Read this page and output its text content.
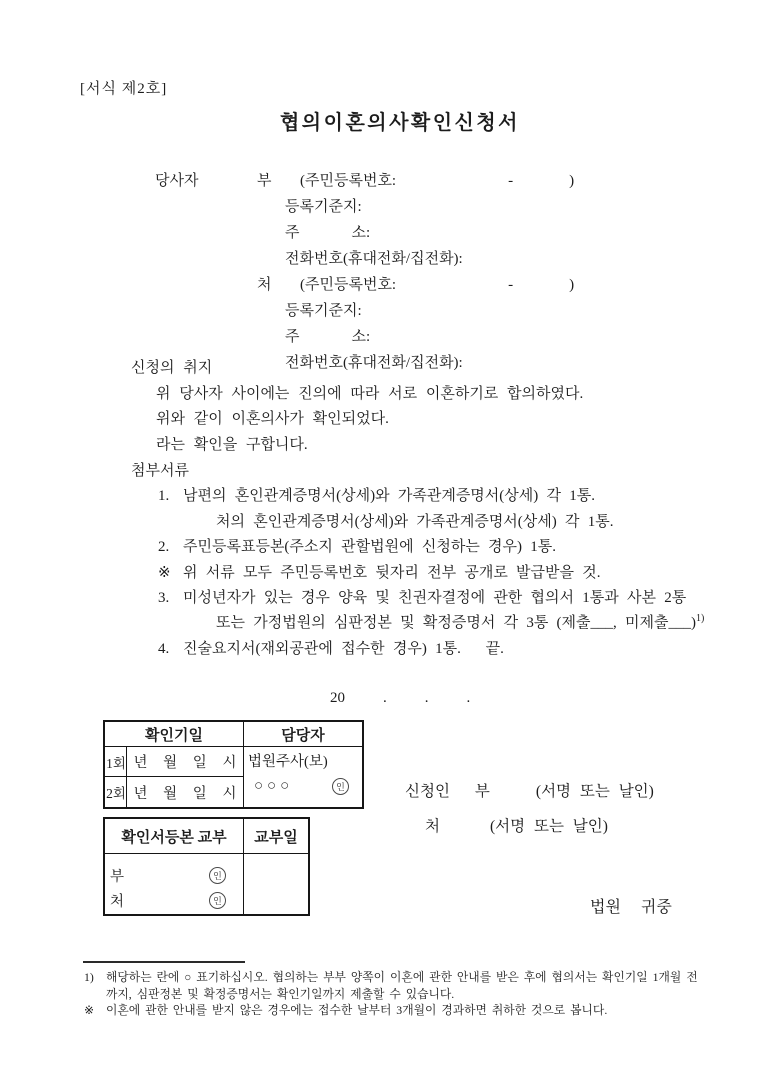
[서식 제2호]
협의이혼의사확인신청서
당사자	부	(주민등록번호:	-	)
등록기준지:
주	소:
전화번호(휴대전화/집전화):
처	(주민등록번호:	-	)
등록기준지:
주	소:
전화번호(휴대전화/집전화):
신청의 취지
위 당사자 사이에는 진의에 따라 서로 이혼하기로 합의하였다.
위와 같이 이혼의사가 확인되었다.
라는 확인을 구합니다.
첨부서류
1. 남편의 혼인관계증명서(상세)와 가족관계증명서(상세) 각 1통.
처의 혼인관계증명서(상세)와 가족관계증명서(상세) 각 1통.
2. 주민등록표등본(주소지 관할법원에 신청하는 경우) 1통.
※ 위 서류 모두 주민등록번호 뒷자리 전부 공개로 발급받을 것.
3. 미성년자가 있는 경우 양육 및 친권자결정에 관한 협의서 1통과 사본 2통
또는 가정법원의 심판정본 및 확정증명서 각 3통 (제출___, 미제출___)$^{1)}$
4. 진술요지서(재외공관에 접수한 경우) 1통.   끝.
20	.	.	.
확인기일	담당자
1회 년 월 일 시 법원주사(보)
○○○	인
2회 년 월 일 시
확인서등본 교부	교부일
부	인
처	인
신청인 부	(서명 또는 날인)
처	(서명 또는 날인)
법원 귀중
1) 해당하는 란에 ○ 표기하십시오. 협의하는 부부 양쪽이 이혼에 관한 안내를 받은 후에 협의서는 확인기일 1개월 전까지, 심판정본 및 확정증명서는 확인기일까지 제출할 수 있습니다.
※ 이혼에 관한 안내를 받지 않은 경우에는 접수한 날부터 3개월이 경과하면 취하한 것으로 봅니다.
